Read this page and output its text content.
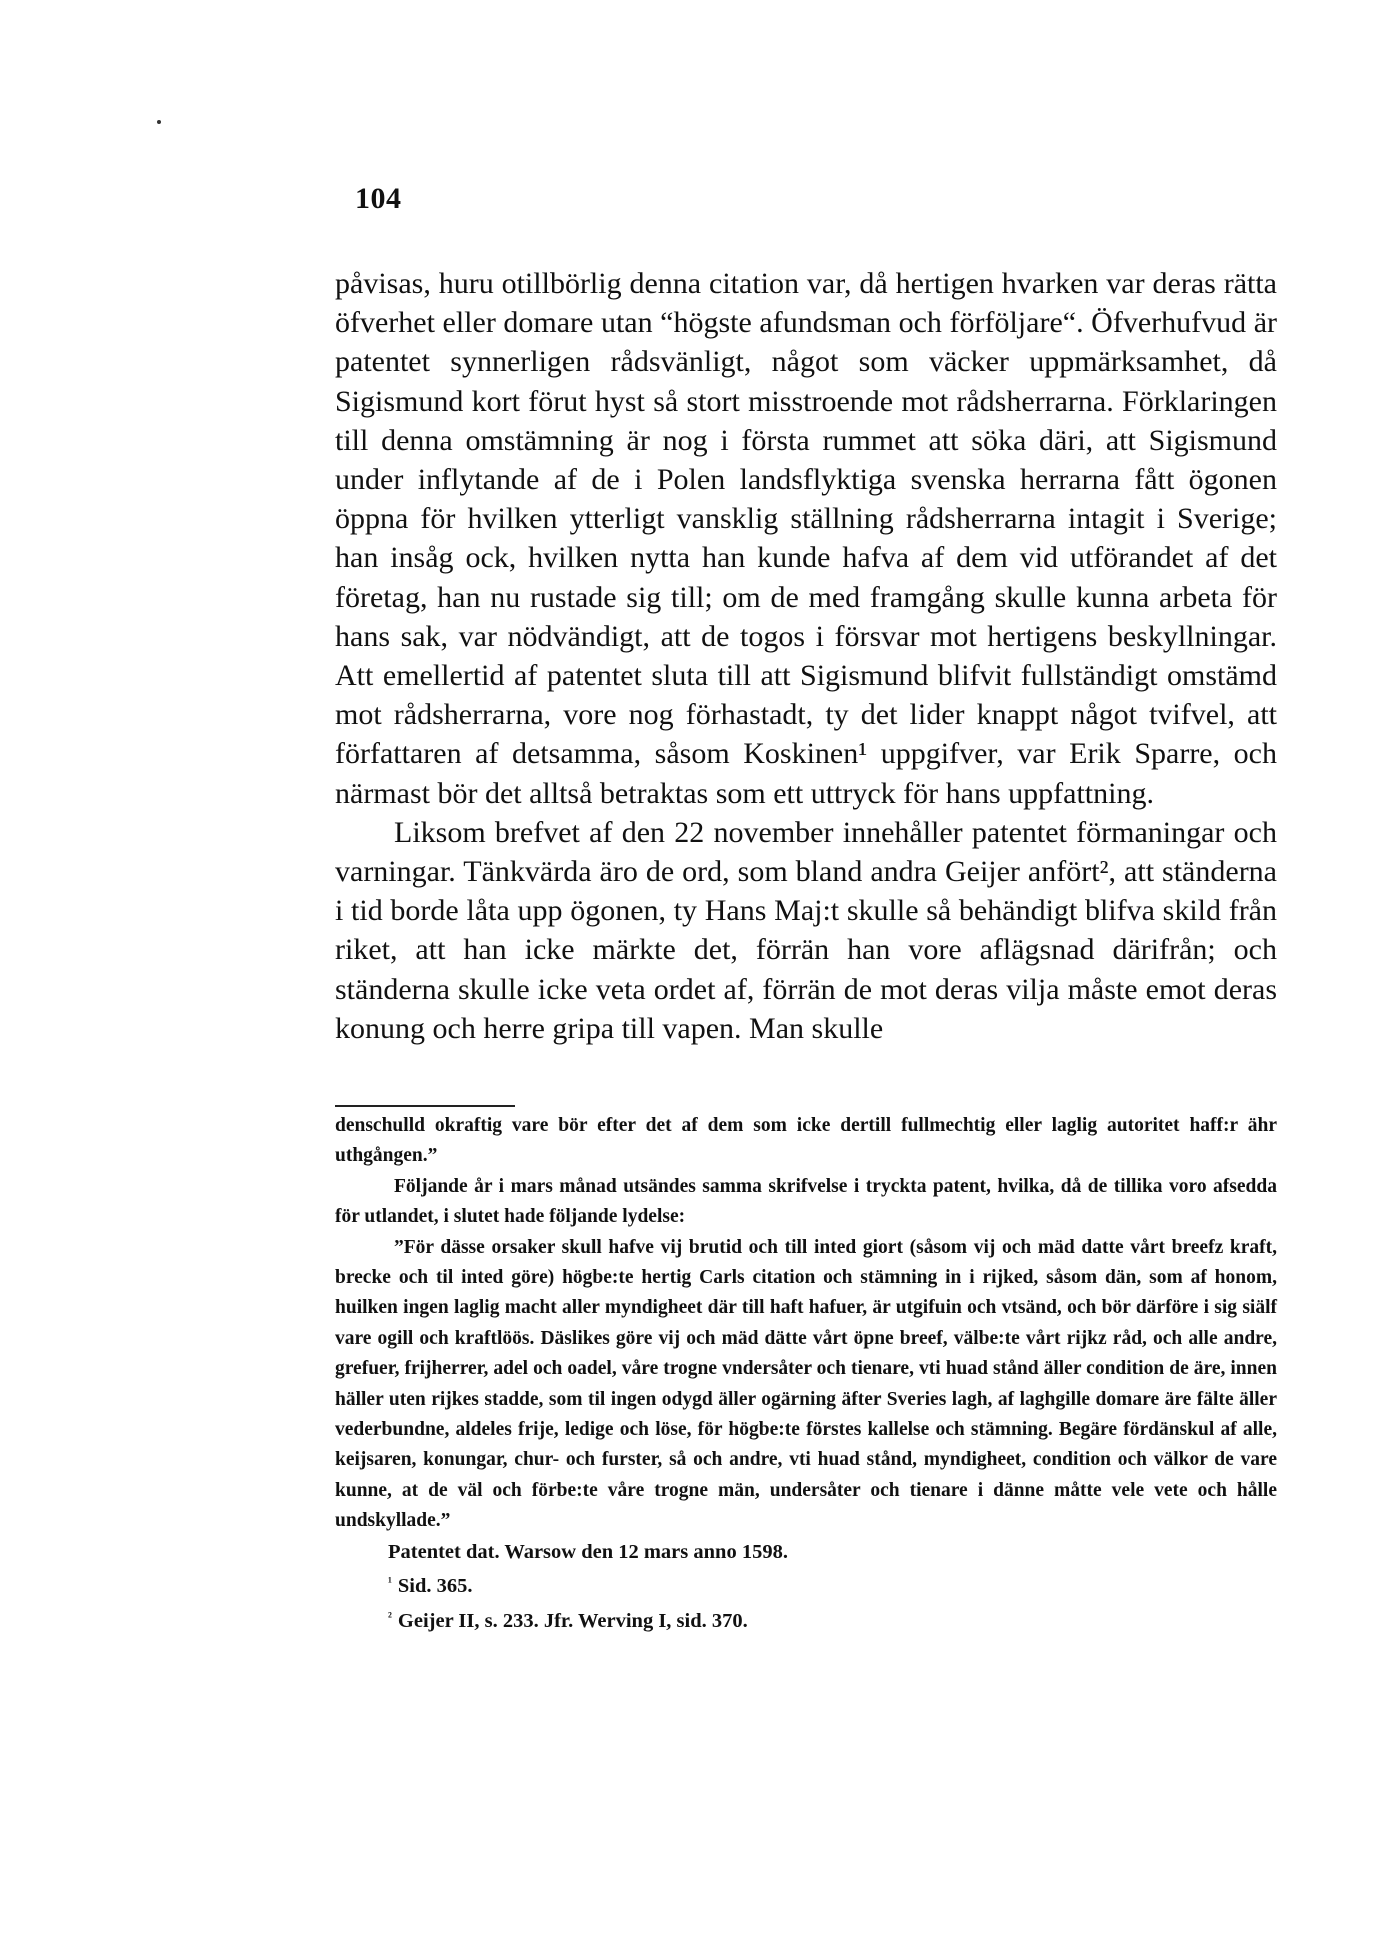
104

påvisas, huru otillbörlig denna citation var, då hertigen hvarken var deras rätta öfverhet eller domare utan “högste afundsman och förföljare“. Öfverhufvud är patentet synnerligen rådsvänligt, något som väcker uppmärksamhet, då Sigismund kort förut hyst så stort misstroende mot rådsherrarna. Förklaringen till denna omstämning är nog i första rummet att söka däri, att Sigismund under inflytande af de i Polen landsflyktiga svenska herrarna fått ögonen öppna för hvilken ytterligt vansklig ställning rådsherrarna intagit i Sverige; han insåg ock, hvilken nytta han kunde hafva af dem vid utförandet af det företag, han nu rustade sig till; om de med framgång skulle kunna arbeta för hans sak, var nödvändigt, att de togos i försvar mot hertigens beskyllningar. Att emellertid af patentet sluta till att Sigismund blifvit fullständigt omstämd mot rådsherrarna, vore nog förhastadt, ty det lider knappt något tvifvel, att författaren af detsamma, såsom Koskinen¹ uppgifver, var Erik Sparre, och närmast bör det alltså betraktas som ett uttryck för hans uppfattning.

Liksom brefvet af den 22 november innehåller patentet förmaningar och varningar. Tänkvärda äro de ord, som bland andra Geijer anfört², att ständerna i tid borde låta upp ögonen, ty Hans Maj:t skulle så behändigt blifva skild från riket, att han icke märkte det, förrän han vore aflägsnad därifrån; och ständerna skulle icke veta ordet af, förrän de mot deras vilja måste emot deras konung och herre gripa till vapen. Man skulle

denschulld okraftig vare bör efter det af dem som icke dertill fullmechtig eller laglig autoritet haff:r ähr uthgången.”

Följande år i mars månad utsändes samma skrifvelse i tryckta patent, hvilka, då de tillika voro afsedda för utlandet, i slutet hade följande lydelse:

”För dässe orsaker skull hafve vij brutid och till inted giort (såsom vij och mäd datte vårt breefz kraft, brecke och til inted göre) högbe:te hertig Carls citation och stämning in i rijked, såsom dän, som af honom, huilken ingen laglig macht aller myndigheet där till haft hafuer, är utgifuin och vtsänd, och bör därföre i sig siälf vare ogill och kraftlöös. Däslikes göre vij och mäd dätte vårt öpne breef, välbe:te vårt rijkz råd, och alle andre, grefuer, frijherrer, adel och oadel, våre trogne vndersåter och tienare, vti huad stånd äller condition de äre, innen häller uten rijkes stadde, som til ingen odygd äller ogärning äfter Sveries lagh, af laghgille domare äre fälte äller vederbundne, aldeles frije, ledige och löse, för högbe:te förstes kallelse och stämning. Begäre fördänskul af alle, keijsaren, konungar, chur- och furster, så och andre, vti huad stånd, myndigheet, condition och välkor de vare kunne, at de väl och förbe:te våre trogne män, undersåter och tienare i dänne måtte vele vete och hålle undskyllade.”

Patentet dat. Warsow den 12 mars anno 1598.

$^{^1}$ Sid. 365.

$^{^2}$ Geijer II, s. 233. Jfr. Werving I, sid. 370.
